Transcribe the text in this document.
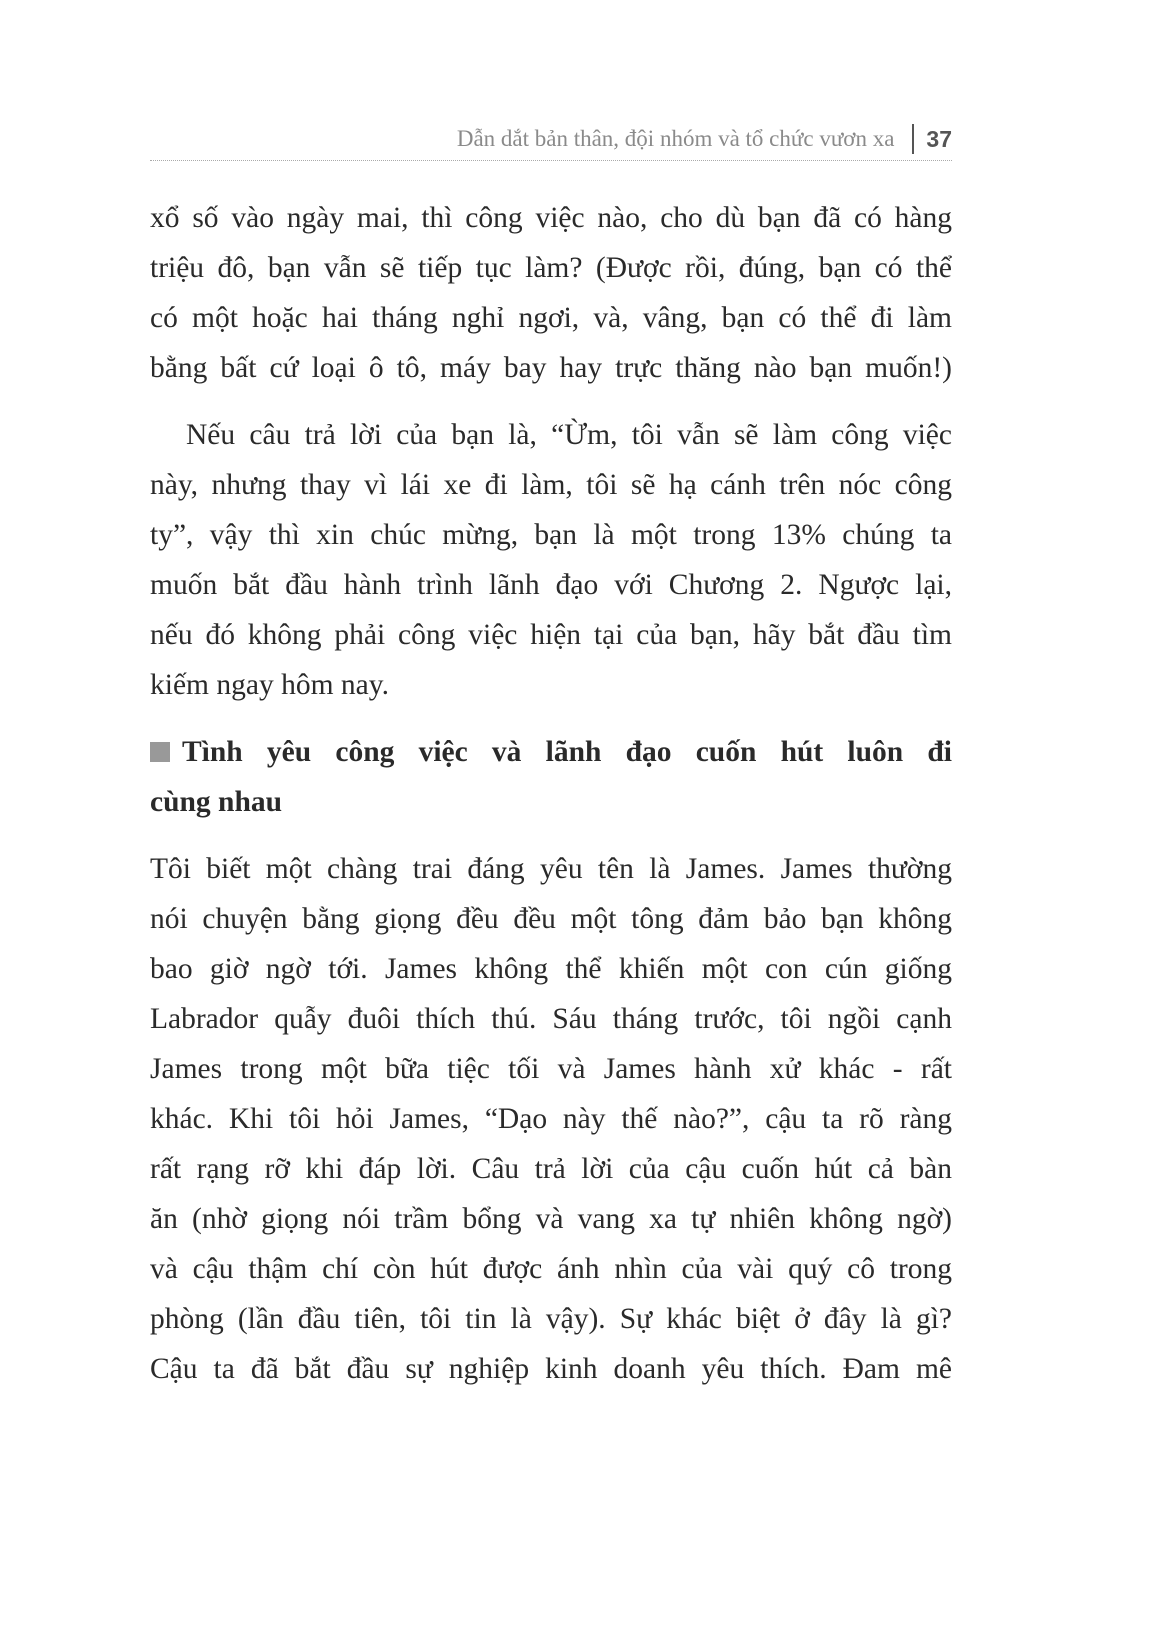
Dẫn dắt bản thân, đội nhóm và tổ chức vươn xa 37
xổ số vào ngày mai, thì công việc nào, cho dù bạn đã có hàng
triệu đô, bạn vẫn sẽ tiếp tục làm? (Được rồi, đúng, bạn có thể
có một hoặc hai tháng nghỉ ngơi, và, vâng, bạn có thể đi làm
bằng bất cứ loại ô tô, máy bay hay trực thăng nào bạn muốn!)
Nếu câu trả lời của bạn là, “Ừm, tôi vẫn sẽ làm công việc
này, nhưng thay vì lái xe đi làm, tôi sẽ hạ cánh trên nóc công
ty”, vậy thì xin chúc mừng, bạn là một trong 13% chúng ta
muốn bắt đầu hành trình lãnh đạo với Chương 2. Ngược lại,
nếu đó không phải công việc hiện tại của bạn, hãy bắt đầu tìm
kiếm ngay hôm nay.
Tình yêu công việc và lãnh đạo cuốn hút luôn đi
cùng nhau
Tôi biết một chàng trai đáng yêu tên là James. James thường
nói chuyện bằng giọng đều đều một tông đảm bảo bạn không
bao giờ ngờ tới. James không thể khiến một con cún giống
Labrador quẫy đuôi thích thú. Sáu tháng trước, tôi ngồi cạnh
James trong một bữa tiệc tối và James hành xử khác - rất
khác. Khi tôi hỏi James, “Dạo này thế nào?”, cậu ta rõ ràng
rất rạng rỡ khi đáp lời. Câu trả lời của cậu cuốn hút cả bàn
ăn (nhờ giọng nói trầm bổng và vang xa tự nhiên không ngờ)
và cậu thậm chí còn hút được ánh nhìn của vài quý cô trong
phòng (lần đầu tiên, tôi tin là vậy). Sự khác biệt ở đây là gì?
Cậu ta đã bắt đầu sự nghiệp kinh doanh yêu thích. Đam mê
